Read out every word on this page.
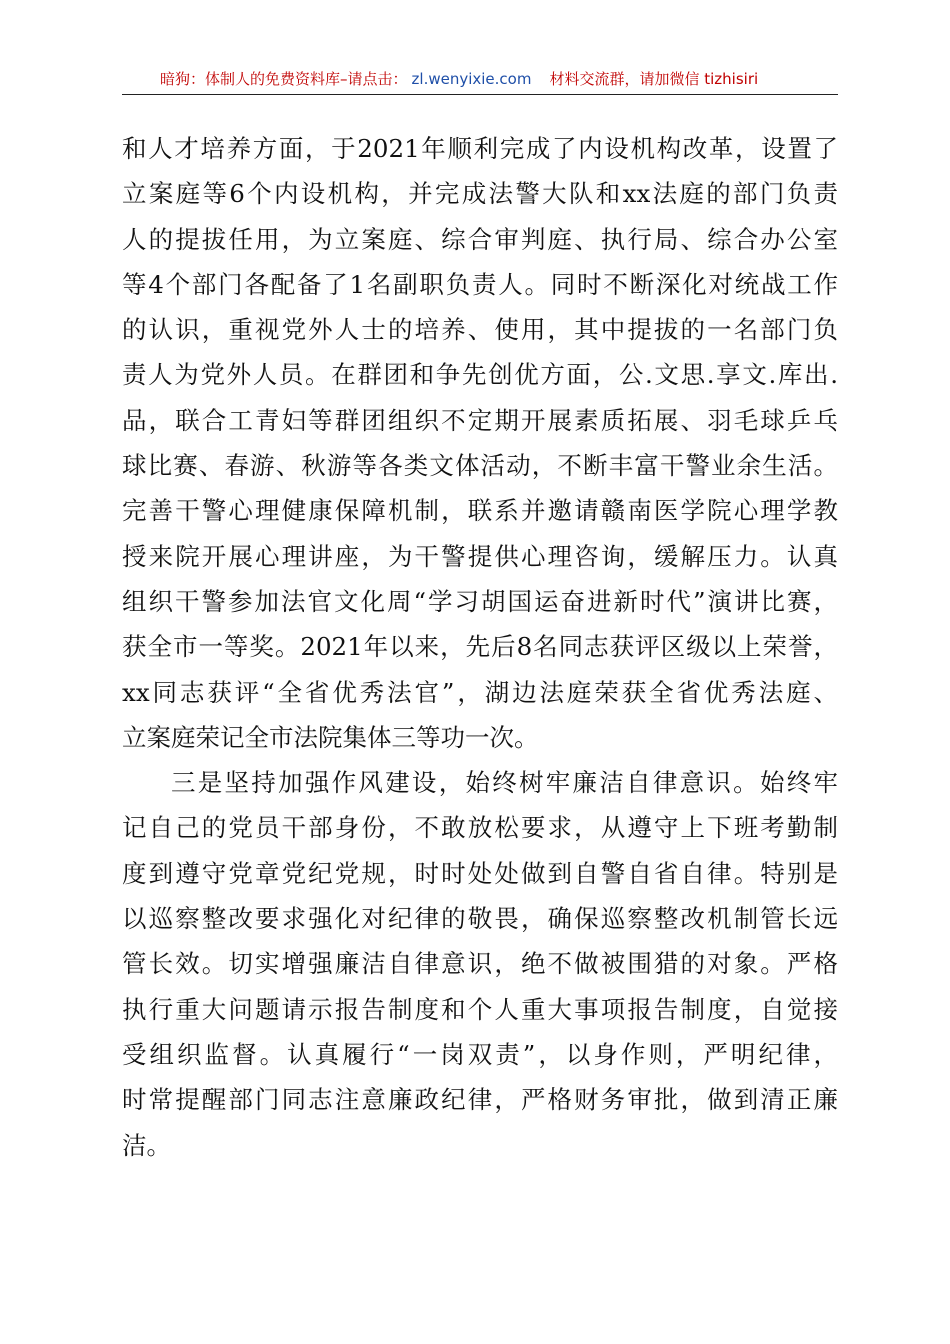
暗狗：体制人的免费资料库–请点击： zl.wenyixie.com 材料交流群，请加微信 tizhisiri
和人才培养方面，于2021年顺利完成了内设机构改革，设置了
立案庭等6个内设机构，并完成法警大队和xx法庭的部门负责
人的提拔任用，为立案庭、综合审判庭、执行局、综合办公室
等4个部门各配备了1名副职负责人。同时不断深化对统战工作
的认识，重视党外人士的培养、使用，其中提拔的一名部门负
责人为党外人员。在群团和争先创优方面，公.文思.享文.库出.
品，联合工青妇等群团组织不定期开展素质拓展、羽毛球乒乓
球比赛、春游、秋游等各类文体活动，不断丰富干警业余生活。
完善干警心理健康保障机制，联系并邀请赣南医学院心理学教
授来院开展心理讲座，为干警提供心理咨询，缓解压力。认真
组织干警参加法官文化周“学习胡国运奋进新时代”演讲比赛，
获全市一等奖。2021年以来，先后8名同志获评区级以上荣誉，
xx同志获评“全省优秀法官”，湖边法庭荣获全省优秀法庭、
立案庭荣记全市法院集体三等功一次。
三是坚持加强作风建设，始终树牢廉洁自律意识。始终牢
记自己的党员干部身份，不敢放松要求，从遵守上下班考勤制
度到遵守党章党纪党规，时时处处做到自警自省自律。特别是
以巡察整改要求强化对纪律的敬畏，确保巡察整改机制管长远
管长效。切实增强廉洁自律意识，绝不做被围猎的对象。严格
执行重大问题请示报告制度和个人重大事项报告制度，自觉接
受组织监督。认真履行“一岗双责”，以身作则，严明纪律，
时常提醒部门同志注意廉政纪律，严格财务审批，做到清正廉
洁。
